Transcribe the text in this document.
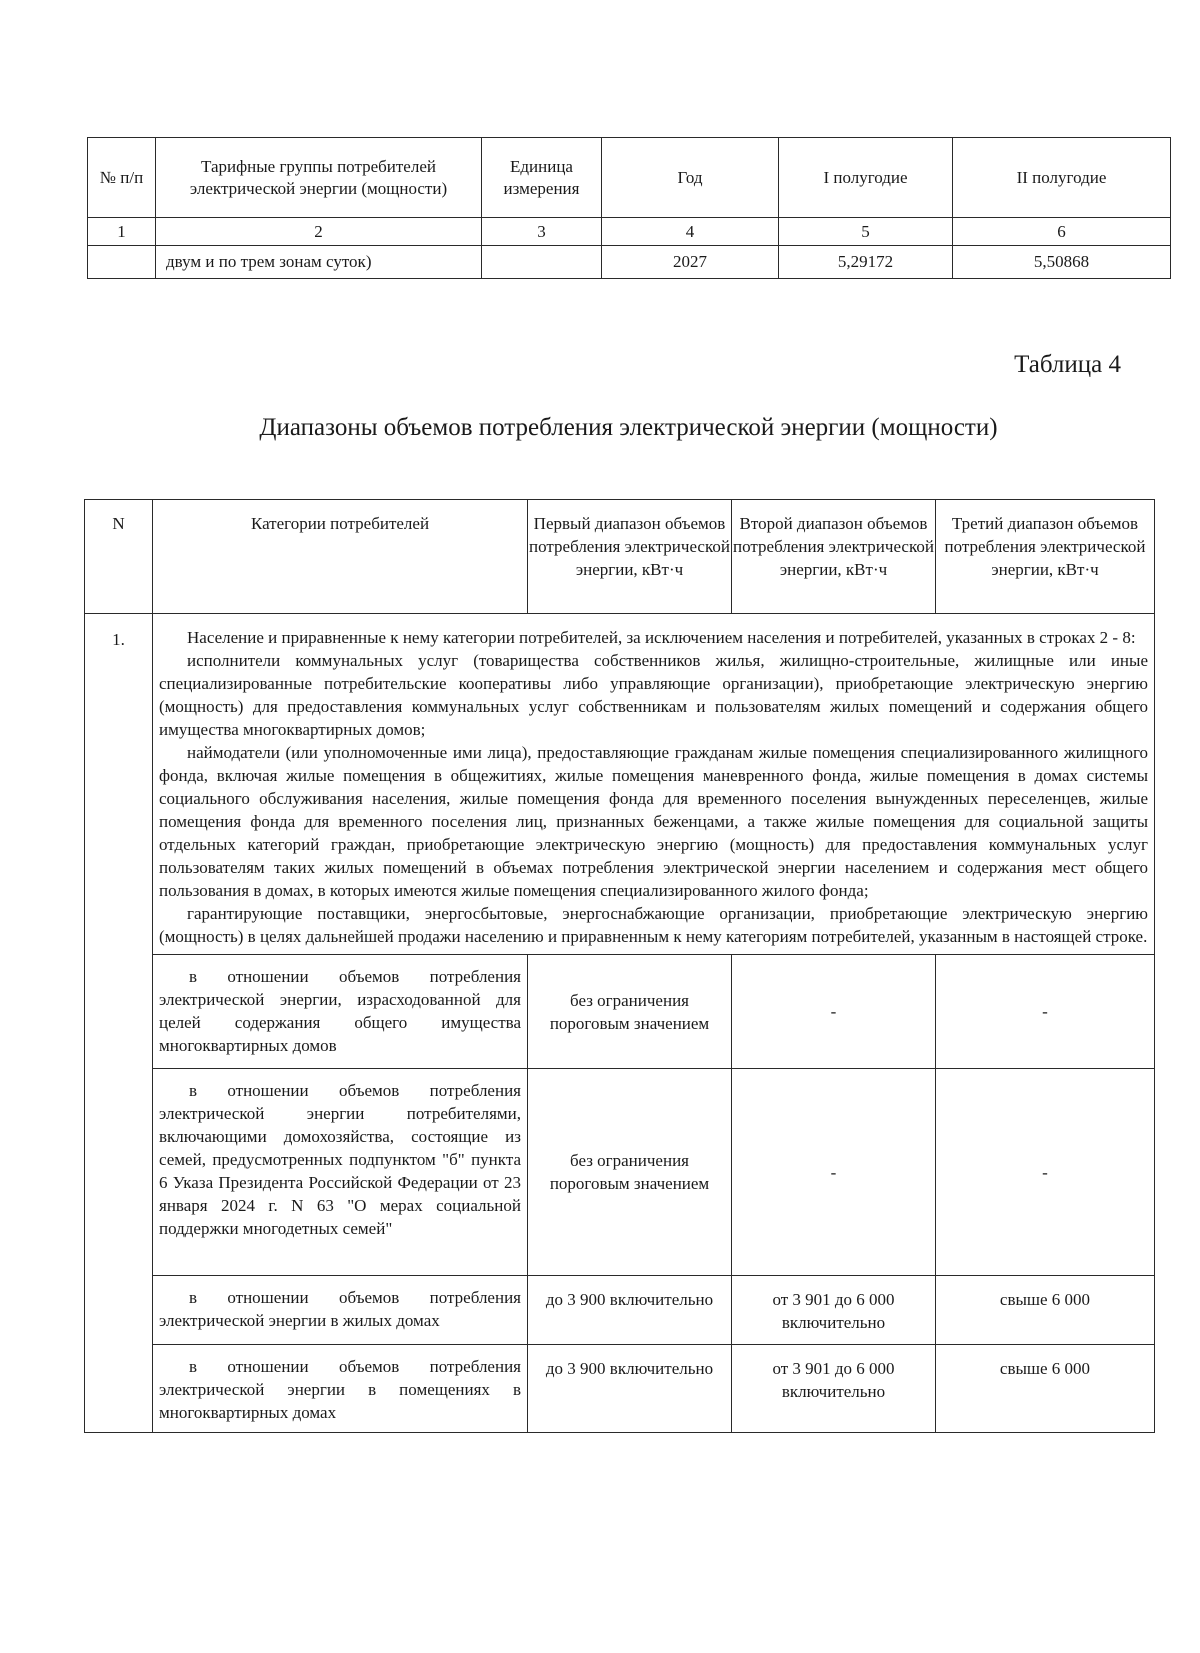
№ п/п	Тарифные группы потребителей электрической энергии (мощности)	Единица измерения	Год	I полугодие	II полугодие
1	2	3	4	5	6
	двум и по трем зонам суток)		2027	5,29172	5,50868
Таблица 4
Диапазоны объемов потребления электрической энергии (мощности)
N	Категории потребителей	Первый диапазон объемов потребления электрической энергии, кВт·ч	Второй диапазон объемов потребления электрической энергии, кВт·ч	Третий диапазон объемов потребления электрической энергии, кВт·ч
1.	Население и приравненные к нему категории потребителей, за исключением населения и потребителей, указанных в строках 2 - 8:

исполнители коммунальных услуг (товарищества собственников жилья, жилищно-строительные, жилищные или иные специализированные потребительские кооперативы либо управляющие организации), приобретающие электрическую энергию (мощность) для предоставления коммунальных услуг собственникам и пользователям жилых помещений и содержания общего имущества многоквартирных домов;

наймодатели (или уполномоченные ими лица), предоставляющие гражданам жилые помещения специализированного жилищного фонда, включая жилые помещения в общежитиях, жилые помещения маневренного фонда, жилые помещения в домах системы социального обслуживания населения, жилые помещения фонда для временного поселения вынужденных переселенцев, жилые помещения фонда для временного поселения лиц, признанных беженцами, а также жилые помещения для социальной защиты отдельных категорий граждан, приобретающие электрическую энергию (мощность) для предоставления коммунальных услуг пользователям таких жилых помещений в объемах потребления электрической энергии населением и содержания мест общего пользования в домах, в которых имеются жилые помещения специализированного жилого фонда;

гарантирующие поставщики, энергосбытовые, энергоснабжающие организации, приобретающие электрическую энергию (мощность) в целях дальнейшей продажи населению и приравненным к нему категориям потребителей, указанным в настоящей строке.			

	в отношении объемов потребления электрической энергии, израсходованной для целей содержания общего имущества многоквартирных домов	без ограничения пороговым значением	-	-
	в отношении объемов потребления электрической энергии потребителями, включающими домохозяйства, состоящие из семей, предусмотренных подпунктом "б" пункта 6 Указа Президента Российской Федерации от 23 января 2024 г. N 63 "О мерах социальной поддержки многодетных семей"	без ограничения пороговым значением	-	-
	в отношении объемов потребления электрической энергии в жилых домах	до 3 900 включительно	от 3 901 до 6 000 включительно	свыше 6 000
	в отношении объемов потребления электрической энергии в помещениях в многоквартирных домах	до 3 900 включительно	от 3 901 до 6 000 включительно	свыше 6 000
